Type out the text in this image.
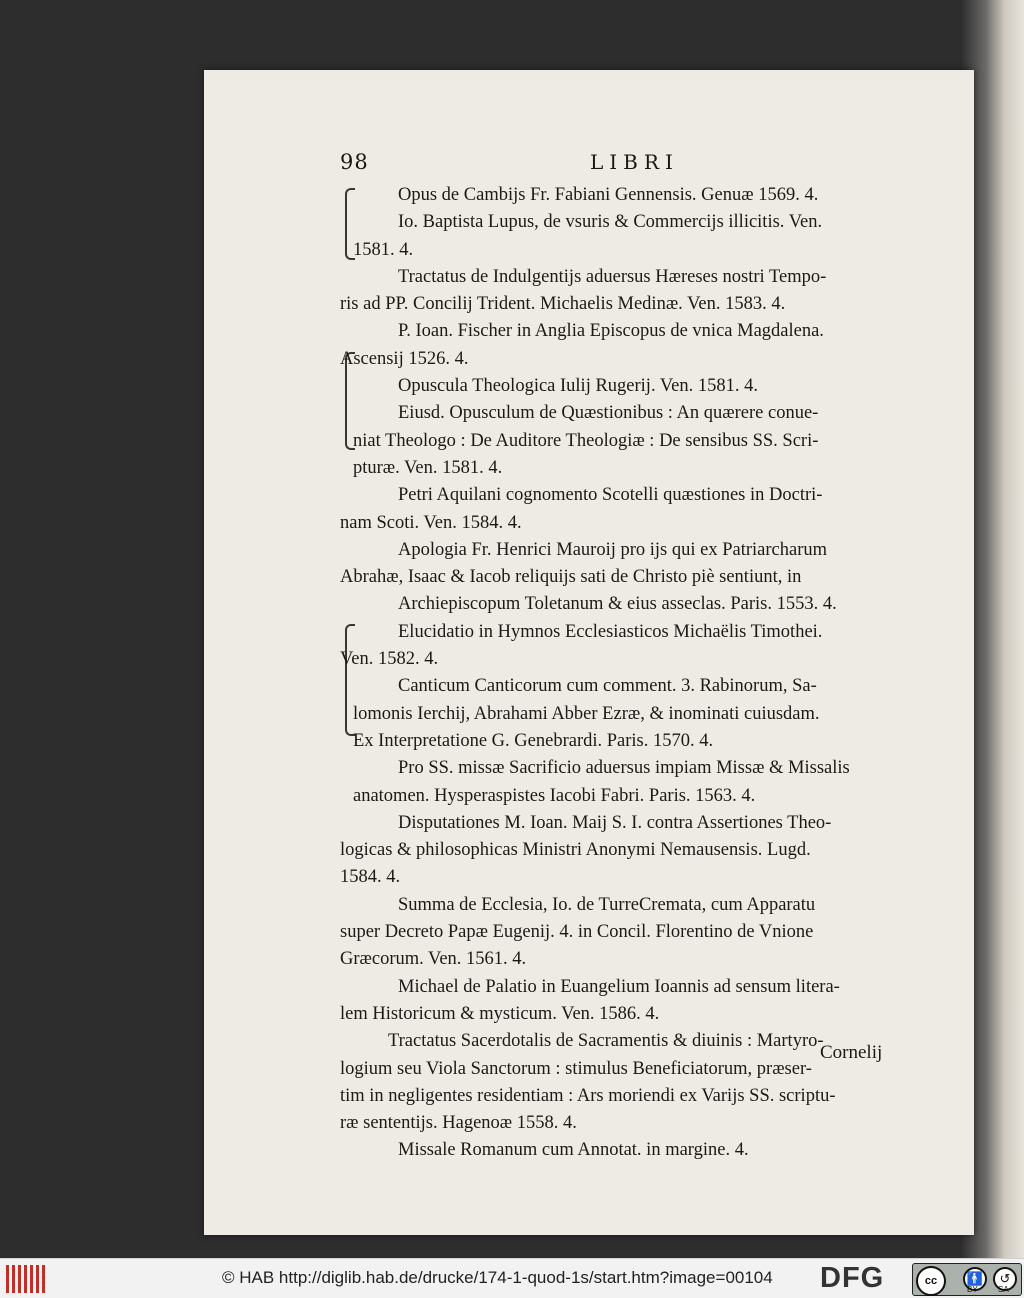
98	LIBRI
Opus de Cambijs Fr. Fabiani Gennensis. Genuæ 1569. 4.
Io. Baptista Lupus, de vsuris & Commercijs illicitis. Ven.
1581. 4.
Tractatus de Indulgentijs aduersus Hæreses nostri Tempo-
ris ad PP. Concilij Trident. Michaelis Medinæ. Ven. 1583. 4.
P. Ioan. Fischer in Anglia Episcopus de vnica Magdalena.
Ascensij 1526. 4.
Opuscula Theologica Iulij Rugerij. Ven. 1581. 4.
Eiusd. Opusculum de Quæstionibus : An quærere conue-
niat Theologo : De Auditore Theologiæ : De sensibus SS. Scri-
pturæ. Ven. 1581. 4.
Petri Aquilani cognomento Scotelli quæstiones in Doctri-
nam Scoti. Ven. 1584. 4.
Apologia Fr. Henrici Mauroij pro ijs qui ex Patriarcharum
Abrahæ, Isaac & Iacob reliquijs sati de Christo piè sentiunt, in
Archiepiscopum Toletanum & eius asseclas. Paris. 1553. 4.
Elucidatio in Hymnos Ecclesiasticos Michaëlis Timothei.
Ven. 1582. 4.
Canticum Canticorum cum comment. 3. Rabinorum, Sa-
lomonis Ierchij, Abrahami Abber Ezræ, & inominati cuiusdam.
Ex Interpretatione G. Genebrardi. Paris. 1570. 4.
Pro SS. missæ Sacrificio aduersus impiam Missæ & Missalis
anatomen. Hysperaspistes Iacobi Fabri. Paris. 1563. 4.
Disputationes M. Ioan. Maij S. I. contra Assertiones Theo-
logicas & philosophicas Ministri Anonymi Nemausensis. Lugd.
1584. 4.
Summa de Ecclesia, Io. de TurreCremata, cum Apparatu
super Decreto Papæ Eugenij. 4. in Concil. Florentino de Vnione
Græcorum. Ven. 1561. 4.
Michael de Palatio in Euangelium Ioannis ad sensum litera-
lem Historicum & mysticum. Ven. 1586. 4.
Tractatus Sacerdotalis de Sacramentis & diuinis : Martyro-
logium seu Viola Sanctorum : stimulus Beneficiatorum, præser-
tim in negligentes residentiam : Ars moriendi ex Varijs SS. scriptu-
ræ sententijs. Hagenoæ 1558. 4.
Missale Romanum cum Annotat. in margine. 4.
Cornelij
© HAB http://diglib.hab.de/drucke/174-1-quod-1s/start.htm?image=00104 DFG	cc	🚹	↺
BY	SA
